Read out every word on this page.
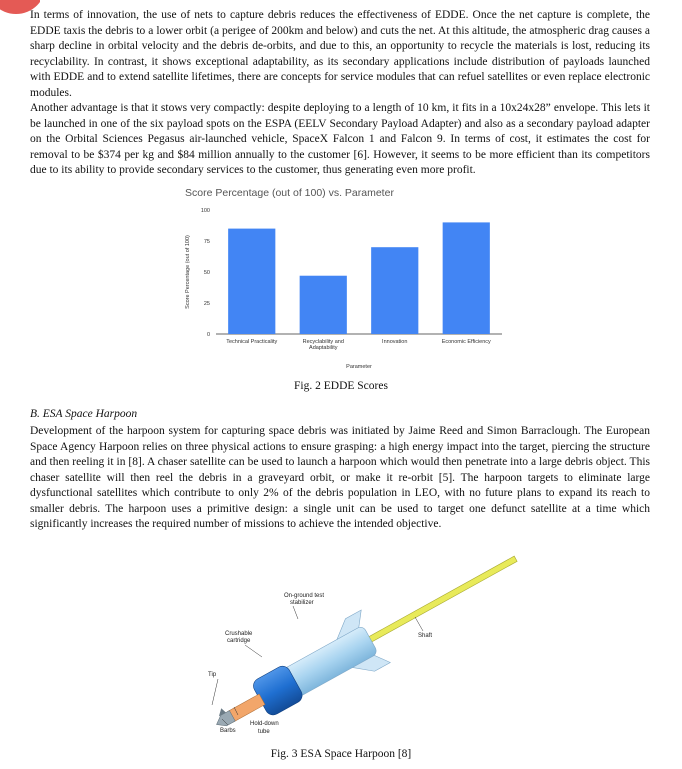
In terms of innovation, the use of nets to capture debris reduces the effectiveness of EDDE. Once the net capture is complete, the EDDE taxis the debris to a lower orbit (a perigee of 200km and below) and cuts the net. At this altitude, the atmospheric drag causes a sharp decline in orbital velocity and the debris de-orbits, and due to this, an opportunity to recycle the materials is lost, reducing its recyclability. In contrast, it shows exceptional adaptability, as its secondary applications include distribution of payloads launched with EDDE and to extend satellite lifetimes, there are concepts for service modules that can refuel satellites or even replace electronic modules.

Another advantage is that it stows very compactly: despite deploying to a length of 10 km, it fits in a 10x24x28” envelope. This lets it be launched in one of the six payload spots on the ESPA (EELV Secondary Payload Adapter) and also as a secondary payload adapter on the Orbital Sciences Pegasus air-launched vehicle, SpaceX Falcon 1 and Falcon 9. In terms of cost, it estimates the cost for removal to be $374 per kg and $84 million annually to the customer [6]. However, it seems to be more efficient than its competitors due to its ability to provide secondary services to the customer, thus generating even more profit.

Score Percentage (out of 100) vs. Parameter
0
25
50
75
100
Score Percentage (out of 100)
Technical Practicality	Recyclability and
Adaptability
Innovation	Economic Efficiency
Parameter

Fig. 2 EDDE Scores

B. ESA Space Harpoon

Development of the harpoon system for capturing space debris was initiated by Jaime Reed and Simon Barraclough. The European Space Agency Harpoon relies on three physical actions to ensure grasping: a high energy impact into the target, piercing the structure and then reeling it in [8]. A chaser satellite can be used to launch a harpoon which would then penetrate into a large debris object. This chaser satellite will then reel the debris in a graveyard orbit, or make it re-orbit [5]. The harpoon targets to eliminate large dysfunctional satellites which contribute to only 2% of the debris population in LEO, with no future plans to expand its reach to smaller debris. The harpoon uses a primitive design: a single unit can be used to target one defunct satellite at a time which significantly increases the required number of missions to achieve the intended objective.

On-ground test
stabilizer
Crushable
cartridge
Shaft
Tip
Barbs
Hold-down
tube

Fig. 3 ESA Space Harpoon [8]
